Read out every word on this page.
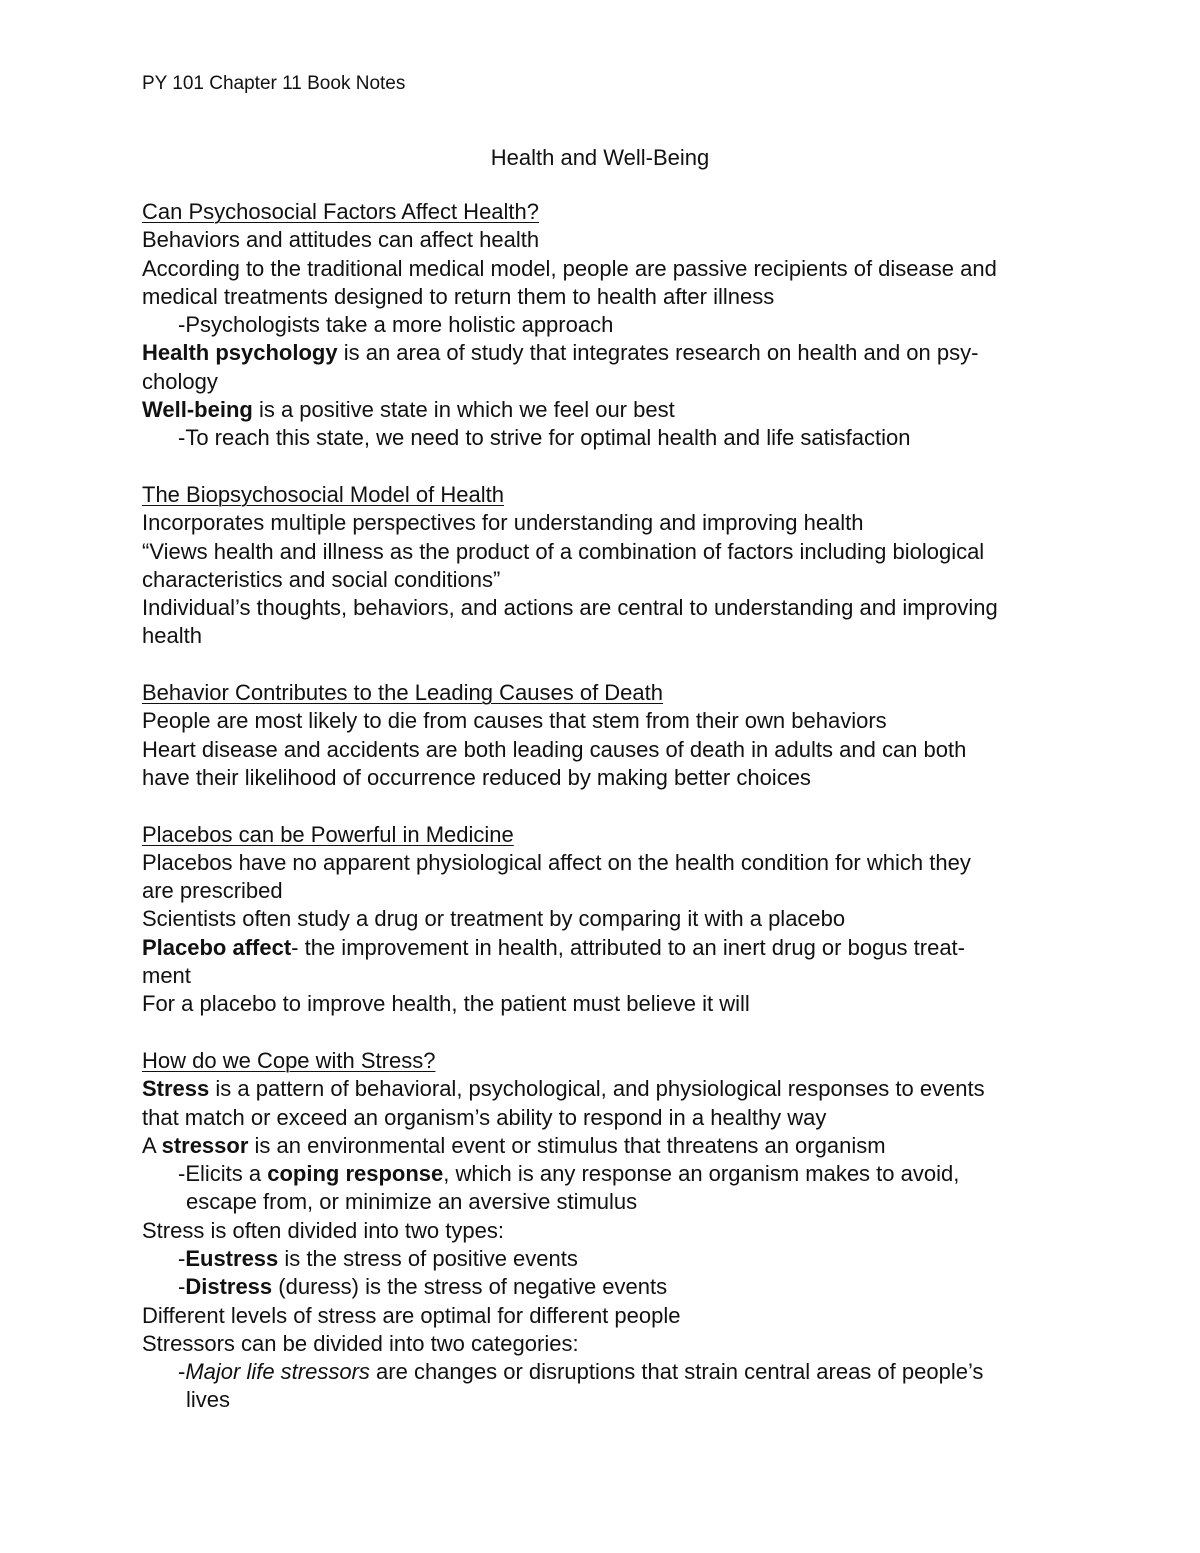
PY 101 Chapter 11 Book Notes
Health and Well-Being
Can Psychosocial Factors Affect Health?
Behaviors and attitudes can affect health
According to the traditional medical model, people are passive recipients of disease and
medical treatments designed to return them to health after illness
-Psychologists take a more holistic approach
Health psychology is an area of study that integrates research on health and on psy-
chology
Well-being is a positive state in which we feel our best
-To reach this state, we need to strive for optimal health and life satisfaction
The Biopsychosocial Model of Health
Incorporates multiple perspectives for understanding and improving health
“Views health and illness as the product of a combination of factors including biological
characteristics and social conditions”
Individual’s thoughts, behaviors, and actions are central to understanding and improving
health
Behavior Contributes to the Leading Causes of Death
People are most likely to die from causes that stem from their own behaviors
Heart disease and accidents are both leading causes of death in adults and can both
have their likelihood of occurrence reduced by making better choices
Placebos can be Powerful in Medicine
Placebos have no apparent physiological affect on the health condition for which they
are prescribed
Scientists often study a drug or treatment by comparing it with a placebo
Placebo affect- the improvement in health, attributed to an inert drug or bogus treat-
ment
For a placebo to improve health, the patient must believe it will
How do we Cope with Stress?
Stress is a pattern of behavioral, psychological, and physiological responses to events
that match or exceed an organism’s ability to respond in a healthy way
A stressor is an environmental event or stimulus that threatens an organism
-Elicits a coping response, which is any response an organism makes to avoid,
escape from, or minimize an aversive stimulus
Stress is often divided into two types:
-Eustress is the stress of positive events
-Distress (duress) is the stress of negative events
Different levels of stress are optimal for different people
Stressors can be divided into two categories:
-Major life stressors are changes or disruptions that strain central areas of people’s
lives
